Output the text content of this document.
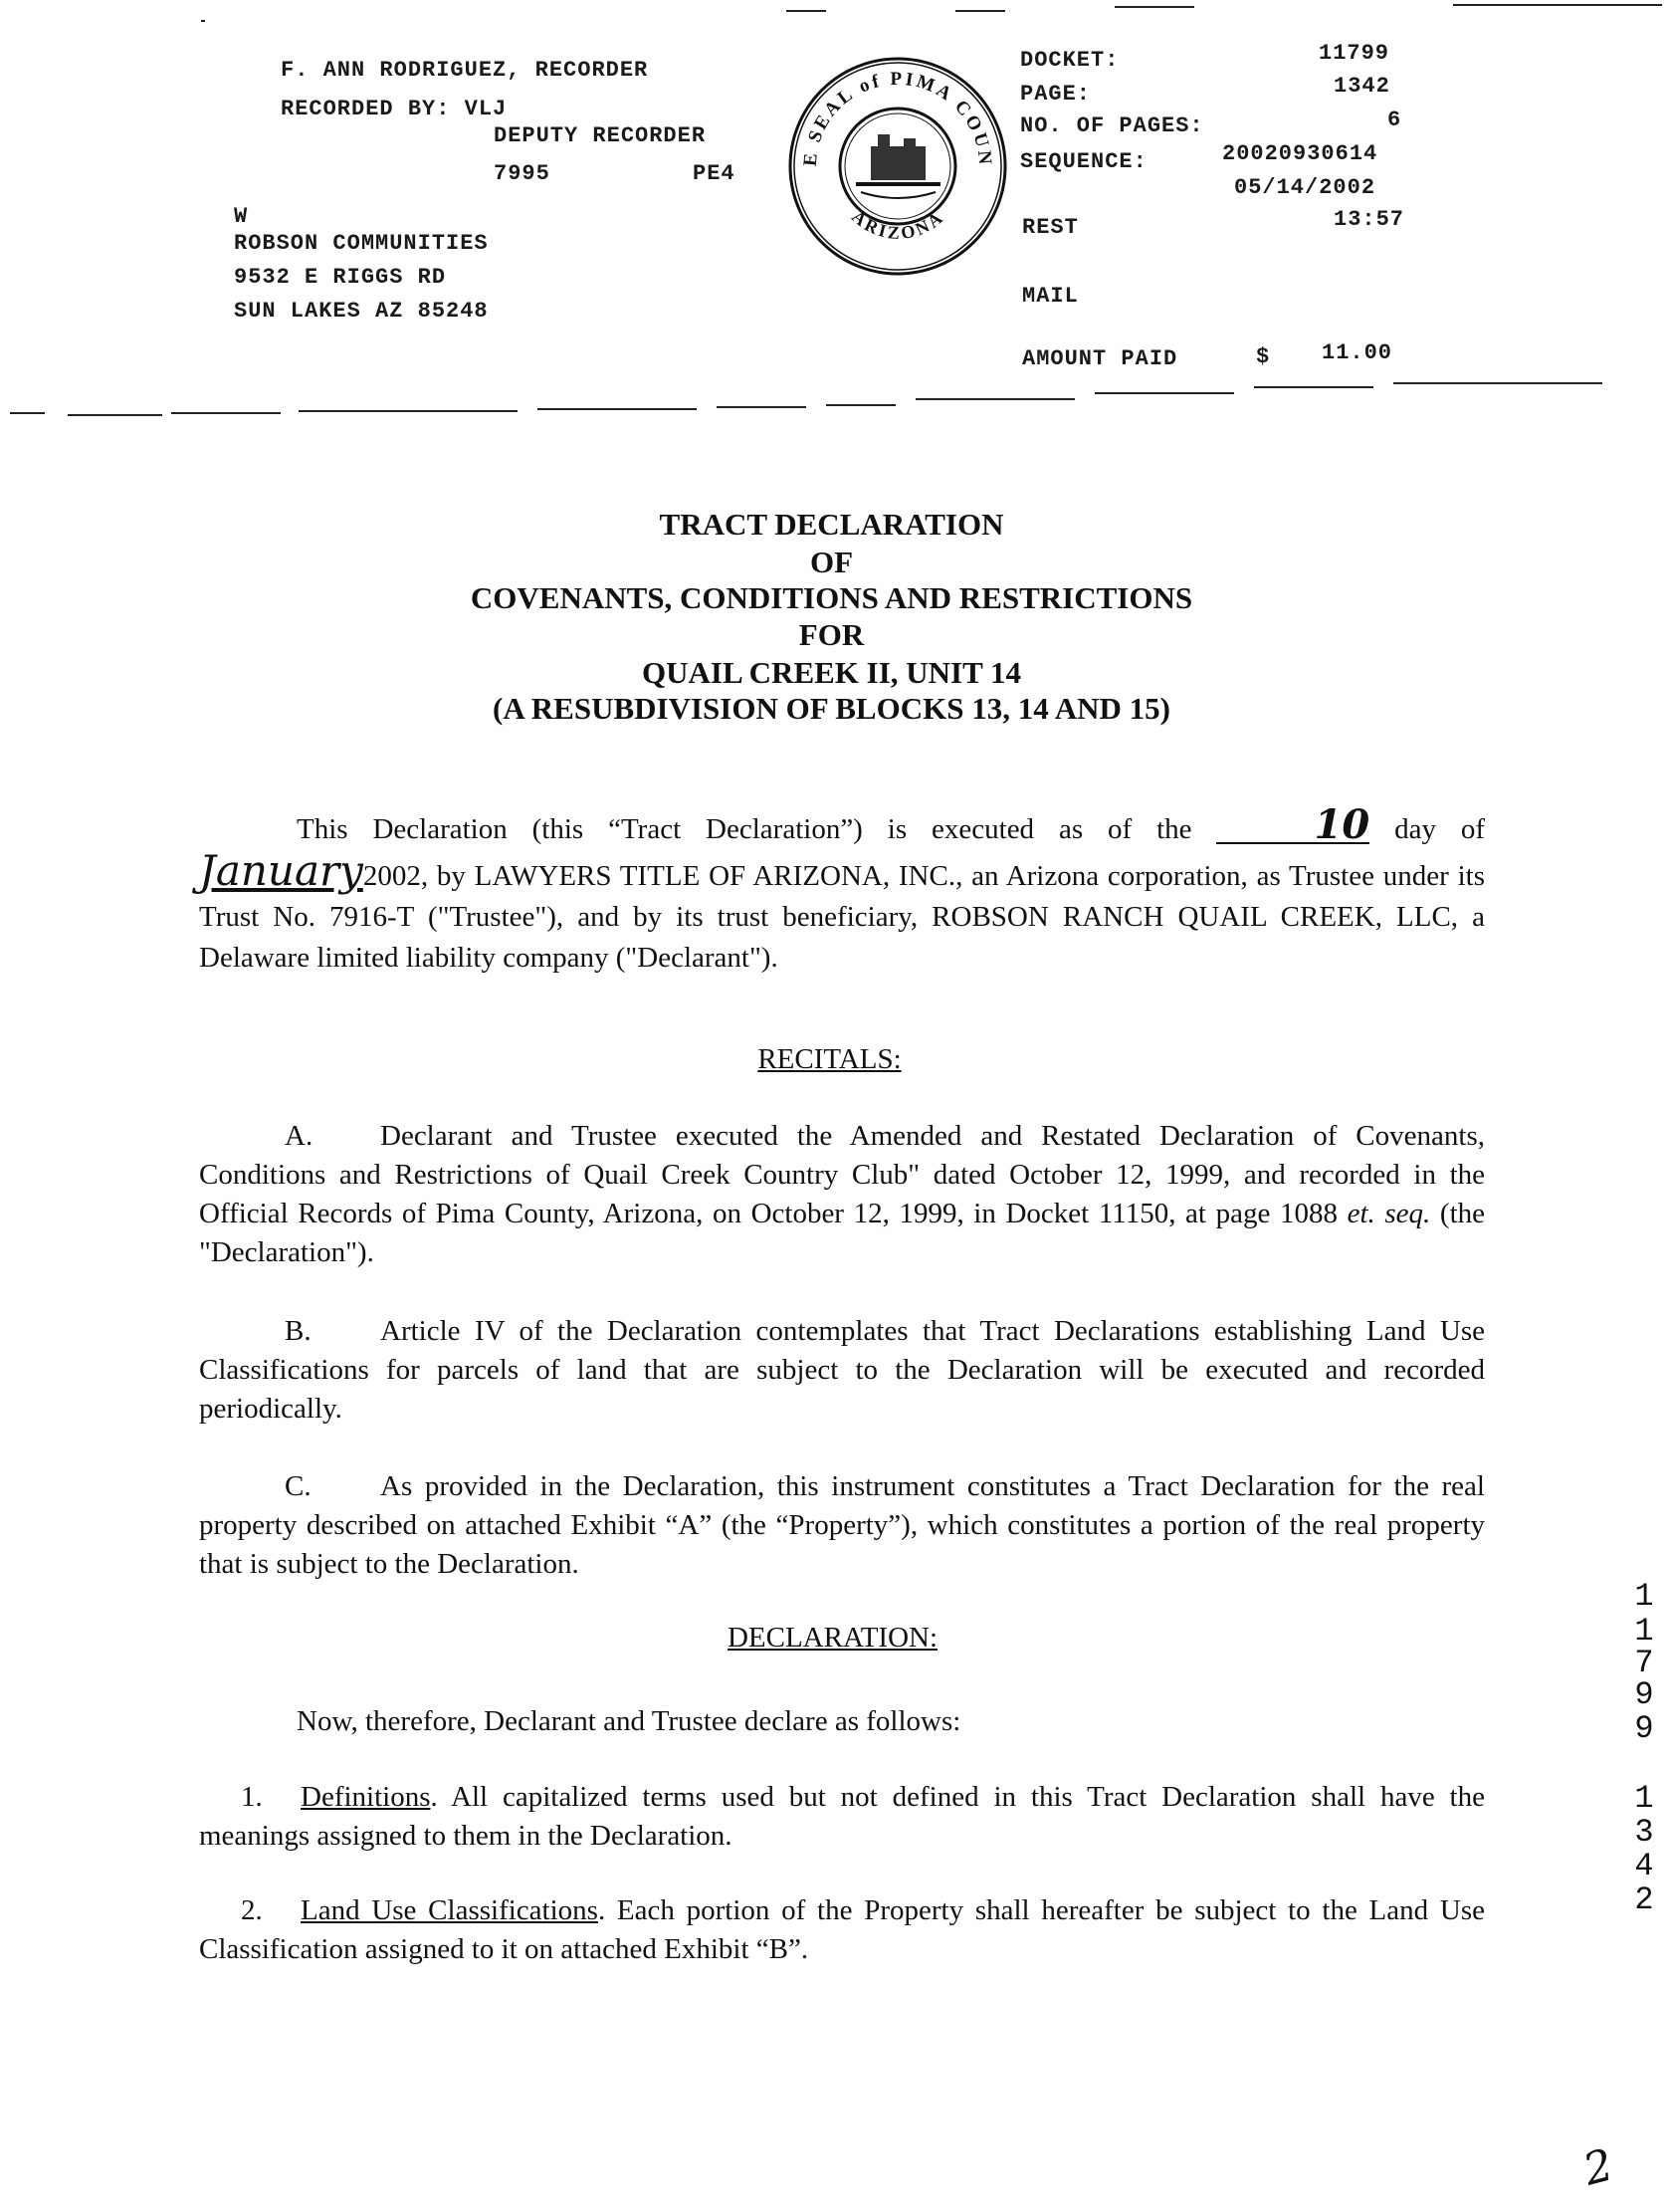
F. ANN RODRIGUEZ, RECORDER
RECORDED BY: VLJ
DEPUTY RECORDER
7995	PE4
W
ROBSON COMMUNITIES
9532 E RIGGS RD
SUN LAKES AZ 85248
E SEAL of PIMA COUN
ARIZONA
DOCKET:	11799
PAGE:	1342
NO. OF PAGES:	6
SEQUENCE:	20020930614
05/14/2002
REST	13:57
MAIL
AMOUNT PAID	$ 11.00
TRACT DECLARATION
OF
COVENANTS, CONDITIONS AND RESTRICTIONS
FOR
QUAIL CREEK II, UNIT 14
(A RESUBDIVISION OF BLOCKS 13, 14 AND 15)
This Declaration (this “Tract Declaration”) is executed as of the	10 day of January2002, by LAWYERS TITLE OF ARIZONA, INC., an Arizona corporation, as Trustee under its Trust No. 7916-T ("Trustee"), and by its trust beneficiary, ROBSON RANCH QUAIL CREEK, LLC, a Delaware limited liability company ("Declarant").
RECITALS:
A. Declarant and Trustee executed the Amended and Restated Declaration of Covenants, Conditions and Restrictions of Quail Creek Country Club" dated October 12, 1999, and recorded in the Official Records of Pima County, Arizona, on October 12, 1999, in Docket 11150, at page 1088 et. seq. (the "Declaration").
B. Article IV of the Declaration contemplates that Tract Declarations establishing Land Use Classifications for parcels of land that are subject to the Declaration will be executed and recorded periodically.
C. As provided in the Declaration, this instrument constitutes a Tract Declaration for the real property described on attached Exhibit “A” (the “Property”), which constitutes a portion of the real property that is subject to the Declaration.
DECLARATION:
Now, therefore, Declarant and Trustee declare as follows:
1. Definitions. All capitalized terms used but not defined in this Tract Declaration shall have the meanings assigned to them in the Declaration.
2. Land Use Classifications. Each portion of the Property shall hereafter be subject to the Land Use Classification assigned to it on attached Exhibit “B”.
1
1
7
9
9
1
3
4
2
2
